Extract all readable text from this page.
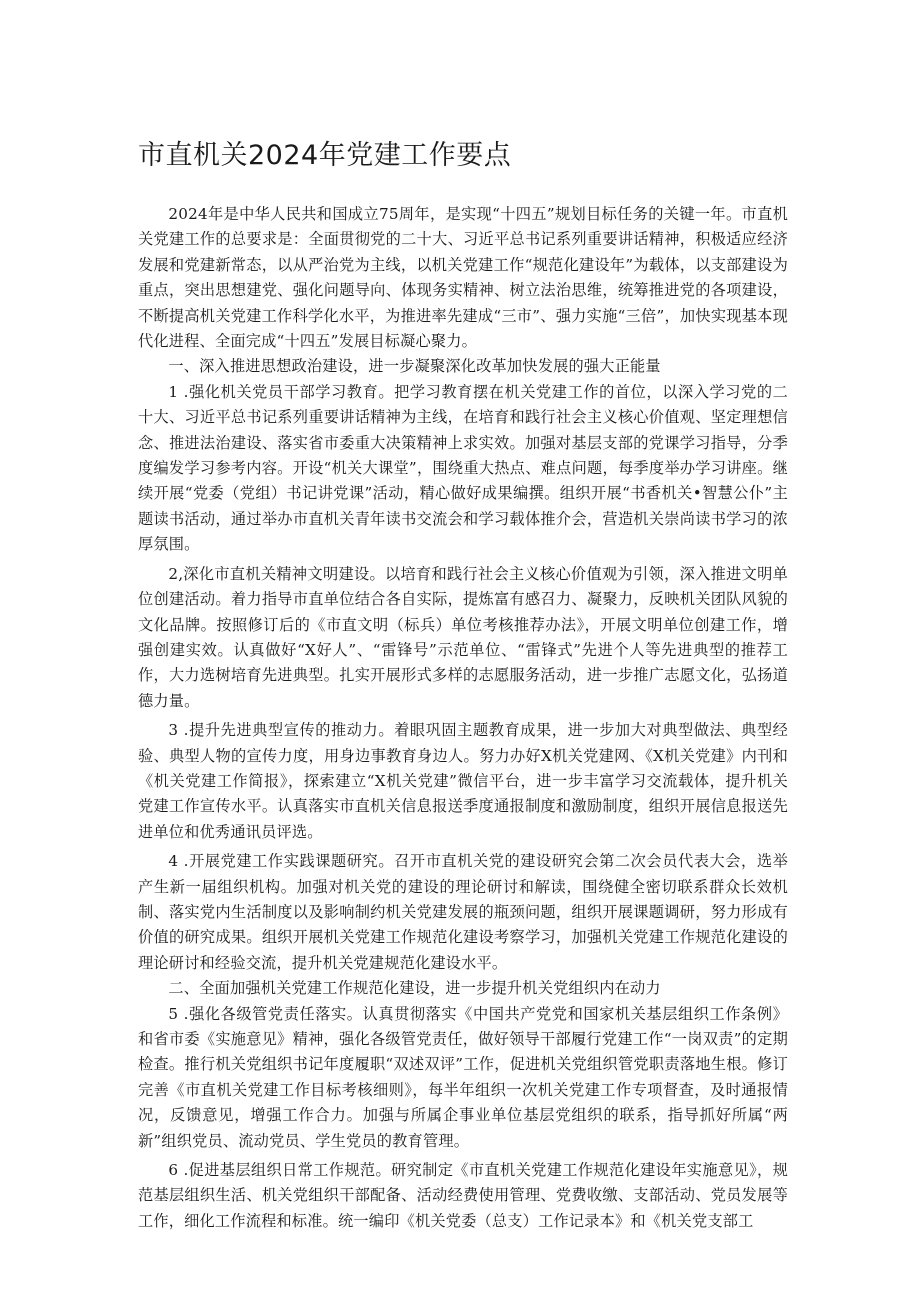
市直机关2024年党建工作要点

2024年是中华人民共和国成立75周年，是实现“十四五”规划目标任务的关键一年。市直机关党建工作的总要求是：全面贯彻党的二十大、习近平总书记系列重要讲话精神，积极适应经济发展和党建新常态，以从严治党为主线，以机关党建工作“规范化建设年”为载体，以支部建设为重点，突出思想建党、强化问题导向、体现务实精神、树立法治思维，统筹推进党的各项建设，不断提高机关党建工作科学化水平，为推进率先建成“三市”、强力实施“三倍”，加快实现基本现代化进程、全面完成“十四五”发展目标凝心聚力。

一、深入推进思想政治建设，进一步凝聚深化改革加快发展的强大正能量

1 .强化机关党员干部学习教育。把学习教育摆在机关党建工作的首位，以深入学习党的二十大、习近平总书记系列重要讲话精神为主线，在培育和践行社会主义核心价值观、坚定理想信念、推进法治建设、落实省市委重大决策精神上求实效。加强对基层支部的党课学习指导，分季度编发学习参考内容。开设“机关大课堂”，围绕重大热点、难点问题，每季度举办学习讲座。继续开展“党委（党组）书记讲党课”活动，精心做好成果编撰。组织开展“书香机关•智慧公仆”主题读书活动，通过举办市直机关青年读书交流会和学习载体推介会，营造机关崇尚读书学习的浓厚氛围。

2,深化市直机关精神文明建设。以培育和践行社会主义核心价值观为引领，深入推进文明单位创建活动。着力指导市直单位结合各自实际，提炼富有感召力、凝聚力，反映机关团队风貌的文化品牌。按照修订后的《市直文明（标兵）单位考核推荐办法》，开展文明单位创建工作，增强创建实效。认真做好“X好人”、“雷锋号”示范单位、“雷锋式”先进个人等先进典型的推荐工作，大力选树培育先进典型。扎实开展形式多样的志愿服务活动，进一步推广志愿文化，弘扬道德力量。

3 .提升先进典型宣传的推动力。着眼巩固主题教育成果，进一步加大对典型做法、典型经验、典型人物的宣传力度，用身边事教育身边人。努力办好X机关党建网、《X机关党建》内刊和《机关党建工作简报》，探索建立“X机关党建”微信平台，进一步丰富学习交流载体，提升机关党建工作宣传水平。认真落实市直机关信息报送季度通报制度和激励制度，组织开展信息报送先进单位和优秀通讯员评选。

4 .开展党建工作实践课题研究。召开市直机关党的建设研究会第二次会员代表大会，选举产生新一届组织机构。加强对机关党的建设的理论研讨和解读，围绕健全密切联系群众长效机制、落实党内生活制度以及影响制约机关党建发展的瓶颈问题，组织开展课题调研，努力形成有价值的研究成果。组织开展机关党建工作规范化建设考察学习，加强机关党建工作规范化建设的理论研讨和经验交流，提升机关党建规范化建设水平。

二、全面加强机关党建工作规范化建设，进一步提升机关党组织内在动力

5 .强化各级管党责任落实。认真贯彻落实《中国共产党党和国家机关基层组织工作条例》和省市委《实施意见》精神，强化各级管党责任，做好领导干部履行党建工作“一岗双责”的定期检查。推行机关党组织书记年度履职“双述双评”工作，促进机关党组织管党职责落地生根。修订完善《市直机关党建工作目标考核细则》，每半年组织一次机关党建工作专项督查，及时通报情况，反馈意见，增强工作合力。加强与所属企事业单位基层党组织的联系，指导抓好所属“两新”组织党员、流动党员、学生党员的教育管理。

6 .促进基层组织日常工作规范。研究制定《市直机关党建工作规范化建设年实施意见》，规范基层组织生活、机关党组织干部配备、活动经费使用管理、党费收缴、支部活动、党员发展等工作，细化工作流程和标准。统一编印《机关党委（总支）工作记录本》和《机关党支部工
